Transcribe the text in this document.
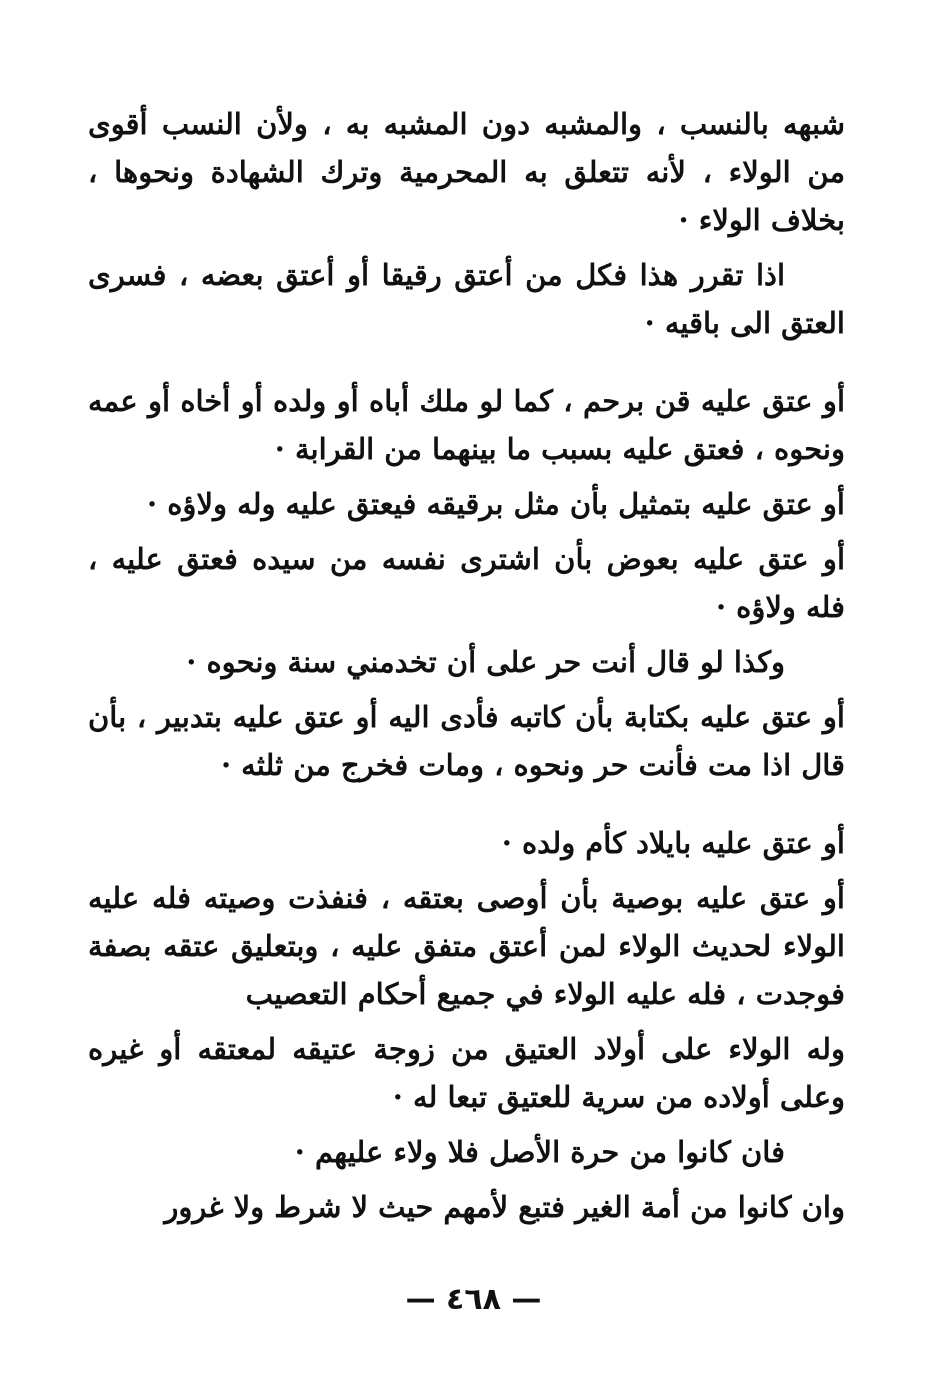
شبهه بالنسب ، والمشبه دون المشبه به ، ولأن النسب أقوى من الولاء ، لأنه تتعلق به المحرمية وترك الشهادة ونحوها ، بخلاف الولاء ·

اذا تقرر هذا فكل من أعتق رقيقا أو أعتق بعضه ، فسرى العتق الى باقيه ·

أو عتق عليه قن برحم ، كما لو ملك أباه أو ولده أو أخاه أو عمه ونحوه ، فعتق عليه بسبب ما بينهما من القرابة ·

أو عتق عليه بتمثيل بأن مثل برقيقه فيعتق عليه وله ولاؤه ·

أو عتق عليه بعوض بأن اشترى نفسه من سيده فعتق عليه ، فله ولاؤه ·

وكذا لو قال أنت حر على أن تخدمني سنة ونحوه ·

أو عتق عليه بكتابة بأن كاتبه فأدى اليه أو عتق عليه بتدبير ، بأن قال اذا مت فأنت حر ونحوه ، ومات فخرج من ثلثه ·

أو عتق عليه بايلاد كأم ولده ·

أو عتق عليه بوصية بأن أوصى بعتقه ، فنفذت وصيته فله عليه الولاء لحديث الولاء لمن أعتق متفق عليه ، وبتعليق عتقه بصفة فوجدت ، فله عليه الولاء في جميع أحكام التعصيب

وله الولاء على أولاد العتيق من زوجة عتيقه لمعتقه أو غيره وعلى أولاده من سرية للعتيق تبعا له ·

فان كانوا من حرة الأصل فلا ولاء عليهم ·

وان كانوا من أمة الغير فتبع لأمهم حيث لا شرط ولا غرور

— ٤٦٨ —
